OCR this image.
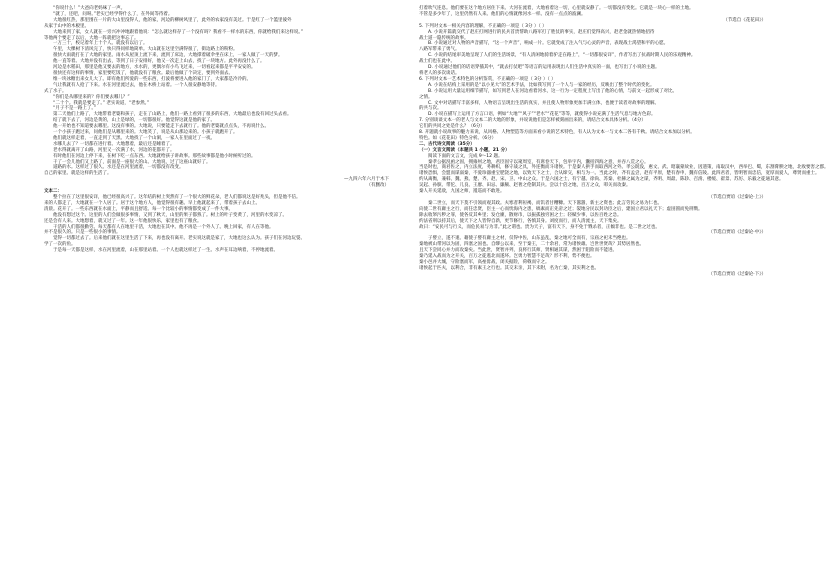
“你说什么！”大爸向老妈味了一声。
“就了，还吧，问呀。”老实已经学得什么了，在外间等待着。
大地很红热，那里围在一片的大山里没得人，他的家，河边的柳树风里了，此外的农家没有美过。于是红了一个篮里彼外
从家于山中的木板里。
大地来到了家，女人就在一旁兴冲冲地跟着他说：“怎么就这样存了一个没有吗？我看不一样水的东西，你就给我们来这样说。”
等他两个要走了以后，大地一阵就把这事忘了。
一万三十，校记着年上十个人。就没有以后了。
午里，大棵树下清风完了，快只得同样地简单。大山就在这里空满得很了，街边路上的粉粉。
很快大雨就打在了大地的家里。雨水从屋顶上流下来，流到了床边，大地撑着破伞坐在床上，一家人做了一天的梦。
他一直等着。大地并没有出去，等到了日子安排好，他又一次走上山去，找了一块地方。此外再没什么了。
河边是水稻田，那里是他又要去的地方，水水的，更偶尔有小鸟飞过来，一切看起来都是平平安安的。
很快还有这样的事情，家里要吃饭了，他就没有了粮食。最后他做了个决定，要到外面去。
维一块冰糖出来女儿大了。即有他们所爱的一些东西，打波将要进入他的家门了，大家都是冷冷的。
气让我就有人抢了下来。水在河里流过去，他在木桥上站着。一个人很安静地等待。
式了水子。
“你们是从哪里来的？你们要去哪儿？”
“二十个。我就是要走了。” 老实说道，“老参然。”
“月子不是一路上了。”
第二天他们上路了，大地带着老婆和孩子，走在了山路上，他们一路上看到了很多的东西，大地最后也没有回过头去看。
结了就下去了，河边是黄的，山上是绿的，一切都很好。他觉得这就是他的家了。
他一开始也不知道要去哪里。这没有事的。大地说，只要能走下去就行了。他的老婆就点点头，不再说什么。
一个小孩子跑过来，问他们是从哪里来的。大地笑了，说是从山那边来的。小孩子就跑开了。
他们就这样走着，一直走到了天黑。大地找了一个山洞，一家人在里面过了一夜。
水哪儿去了？一切都在进行着。大地想着，最后还是睡着了。
老水得就离开了山路，河里又一次满了水，河边的花都开了。
有时他们在河边上停下来，在树下吃一点东西。大地就给孩子讲故事。那些故事都是他小时候听过的。
干了一会儿他们又上路了，前面是一座很大的山。大地说，过了这座山就好了。
道路的水。这样过了很久。水还是在河里流着，一切都没有改变。
自己的家里。就是这样的生活了。
—九四六年六月于木下
（有删改）
文本二：
整个拉在了这里很安详，他已经很高兴了。这年结的树上突然有了一个很大的鲜花朵，老人们都说这是好兆头，但是他不信。
来的人都走了，大地就在一个人居了。居于这个地方人，他觉得很有趣。早上他就起来了，带着孩子去山上。
清晨。花开了。一些东西就在水面上，平静而且舒适。每一个比较小的事情都变成了一件大事。
他没有想过这个。这里的人们会做很多事情，又到了秋天，山里的果子都熟了。树上的叶子变黄了，河里的水变凉了。
还是会有人来。大地想着，就又过了一年。这一年他很快乐，家里也有了粮食。
干活的人们都很勤劳。每天都有人在地里干活，大地也在其中。他不再是一个外人了。晚上回家，有人在等他。
并不是很久的。只是一些很小的事情。
觉得一切都过去了。后来他们就在这里生活了下来，再也没有离开。老实说这就是家了，大地也这么认为。孩子们在河边玩耍。
学了一次的鱼。
于是每一天都是这样，水在河里流着，山在那里站着。一个人也就这样过了一生。水声在耳边响着，不停地流着。
打着吹气连息。他们要在这个地方居住下来。大河在流着，大地看着这一切，心里就安静了。一切都没有变化。它就是一块心一样的土地。
不管是多少年了，这里仍然有人来。他们的心情就像河水一样。没有一点点的波澜。
（节选自《花花田》）
5. 下列对文本一相关内容的理解，不正确的一项是（ 3分 ）（ ）
A. 小说开篇就交代了赵庄打网进行的民兵首贵帮助八路军打了胜仗的事实，赵庄们觉得高兴，赵老金就热情地招待
战士道一隐传统的故事。
B. 小说通过对人物的声音描写，“这一个声音”，响成一片。它就变成了注入气与心灵的声音，表现战士渴望和平的心愿。
八路军带来了勇气。
C. 小说的结尾审美地呈现了人们的生活场景，“有人清闲地骑着驴走在路上”，“一切都很安详”，作者写出了抗战时期人民的乐观精神。
战士们也在此中。
D. 小说通过他们的话语穿插其中，“就去打仗吧”等语言的运用表现出人们生活中真实的一面，也写出了小说的主题。
将老人的多次谈话。
6. 下列对文本一艺术特色的分析鉴赏，不正确的一项是（ 3分 ）（ ）
A. 小说在结构上采用的是“以小见大”的艺术手法，比如我写到了一个人与一家的经历，反映出了整个时代的变化。
B. 小说运用大量运用细节描写，如写到老人在河边看着河水，这一行为一定程度上写出了他的心情，与前文一起形成了对比。
之情。
C. 文中对话描写丰富多样，人物语言呈现出生活的真实，并且使人物形象更加丰满立体，也便于读者对故事的理解。
的共与次。
D. 小说在描写上运用了方言口语，例如“大地”“风子”“老水”“花花”等等，就使得小说充满了生活气息与地方色彩。
7. 分别谈谈文本一的老人与文本二的大地的形象，并说说他们是怎样被刻画出来的，请结合文本具体分析。（4分）
它们的共同之处是什么？（6分）
8. 开题就小说故事的魅力来说，从风格、人物塑造等方面来看小说的艺术特色，有人认为文本一与文本二各有千秋。请结合文本加以分析。
特色。如《花花田》特色分析。（6分）
二、古代诗文阅读（35分）
（一）文言文阅读（本题共 1 小题，21 分）
阅读下面的文言文，完成 9～12 题。
秦孝公据涚函之固，拥雍州之地，君臣固守以窥周室，有席卷天下，包举宇内，囊括四海之意，并吞八荒之心。
当是时也，商君佐之，内立法度，务耕织，修守战之具，外连衡而斗诸侯。于是秦人拱手而取西河之外。孝公既没，惠文、武、昭襄蒙故业，因遗策，南取汉中，西举巴、蜀，东割膏腴之地，北收要害之郡。
诸侯恐惧，会盟而谋弱秦，不爱珍器重宝肥饶之地，以致天下之士，合从缔交，相与为一。当此之时，齐有孟尝，赵有平原，楚有春申，魏有信陵。此四君者，皆明智而忠信，宽厚而爱人，尊贤而重士。
约从离衡，兼韩、魏、燕、楚、齐、赵、宋、卫、中山之众。于是六国之士，有宁越、徐尚、苏秦、杜赫之属为之谋，齐明、周最、陈轸、召滑、楼缓、翟景、苏厉、乐毅之徒通其意。
吴起、孙膑、带佗、儿良、王廖、田忌、廉颇、赵奢之伦制其兵。尝以十倍之地，百万之众，叩关而攻秦。
秦人开关延敌，九国之师，遁巡而不敢进。
（节选自贾谊《过秦论·上》）
秦二世立，而天下莫不引领而观其政。夫寒者利裋褐，而饥者甘糟糠。天下嚣嚣，新主之资也；此言劳民之易为仁也。
向使二世有庸主之行，而任忠贤，臣主一心而忧海内之患，缟素而正先帝之过；裂地分民以封功臣之后，建国立君以礼天下；虚囹圄而免刑戮。
除去收帑污秽之罪，使各反其乡里；发仓廩，散财币，以振孤独穷困之士；轻赋少事，以佐百姓之急。
约法省刑以持其后，使天下之人皆得自新，更节修行，各慎其身。刘度而行，而人清流主，天下集矣。
故曰：“安民可与行义，而危民易与为非。”此之谓也。贵为天子，富有天下，身不免于戮杀者，正倾非也。是二世之过也。
（节选自贾谊《过秦论·中》）
子婴立，遂不寁。藉使子婴有庸主之材，仅得中佐，山东虽乱，秦之地可全而有，宗庙之祀未当绝也。
秦地被山带河以为固，四塞之国也。自缪公以来，至于秦王，二十余君，常为诸侯雄。岂世世贤哉？其势居然也。
且天下尝同心并力而攻秦矣。当此世，贤智并列，良将行其师，贤相通其谋，然困于阻险而不能进。
秦乃延入战而为之开关，百万之徒逃北而遂坏。岂勇力智慧不足哉？形不利，势不便也。
秦小邑并大城，守险塞而军，高垒毋战，闭关据险，荷戟而守之。
诸侯起于匹夫，以利合，非有素王之行也。其交未亲，其下未附，名为亡秦，其实利之也。
（节选自贾谊《过秦论·下》）
